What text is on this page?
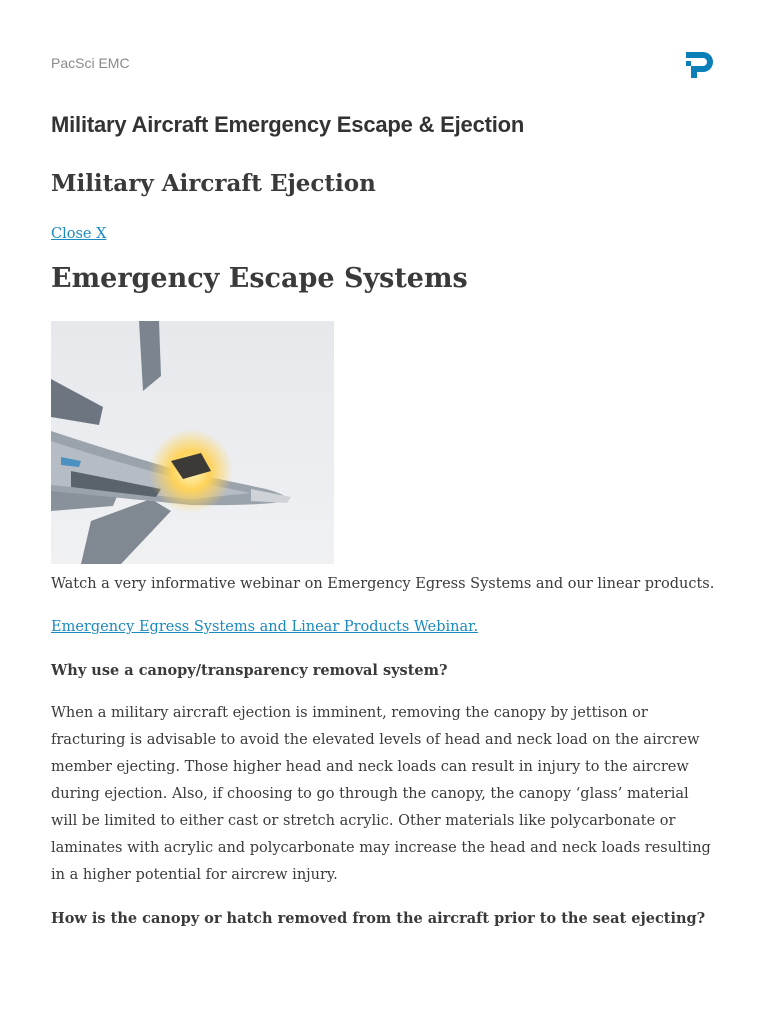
PacSci EMC
Military Aircraft Emergency Escape & Ejection
Military Aircraft Ejection
Close X
Emergency Escape Systems

Watch a very informative webinar on Emergency Egress Systems and our linear products.

Emergency Egress Systems and Linear Products Webinar.

Why use a canopy/transparency removal system?

When a military aircraft ejection is imminent, removing the canopy by jettison or fracturing is advisable to avoid the elevated levels of head and neck load on the aircrew member ejecting. Those higher head and neck loads can result in injury to the aircrew during ejection. Also, if choosing to go through the canopy, the canopy ‘glass’ material will be limited to either cast or stretch acrylic. Other materials like polycarbonate or laminates with acrylic and polycarbonate may increase the head and neck loads resulting in a higher potential for aircrew injury.

How is the canopy or hatch removed from the aircraft prior to the seat ejecting?
